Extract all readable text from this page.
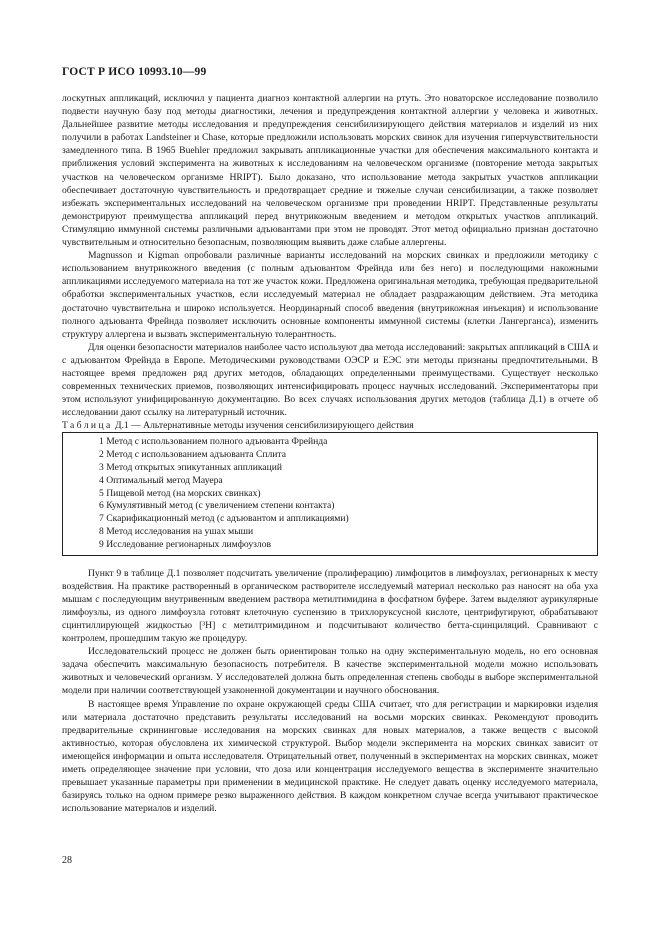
ГОСТ Р ИСО 10993.10—99

лоскутных аппликаций, исключил у пациента диагноз контактной аллергии на ртуть. Это новаторское исследование позволило подвести научную базу под методы диагностики, лечения и предупреждения контактной аллергии у человека и животных. Дальнейшее развитие методы исследования и предупреждения сенсибилизирующего действия материалов и изделий из них получили в работах Landsteiner и Chase, которые предложили использовать морских свинок для изучения гиперчувствительности замедленного типа. В 1965 Buehler предложил закрывать аппликационные участки для обеспечения максимального контакта и приближения условий эксперимента на животных к исследованиям на человеческом организме (повторение метода закрытых участков на человеческом организме HRIPT). Было доказано, что использование метода закрытых участков аппликации обеспечивает достаточную чувствительность и предотвращает средние и тяжелые случаи сенсибилизации, а также позволяет избежать экспериментальных исследований на человеческом организме при проведении HRIPT. Представленные результаты демонстрируют преимущества аппликаций перед внутрикожным введением и методом открытых участков аппликаций. Стимуляцию иммунной системы различными адъювантами при этом не проводят. Этот метод официально признан достаточно чувствительным и относительно безопасным, позволяющим выявить даже слабые аллергены.

Magnusson и Kigman опробовали различные варианты исследований на морских свинках и предложили методику с использованием внутрикожного введения (с полным адъювантом Фрейнда или без него) и последующими накожными аппликациями исследуемого материала на тот же участок кожи. Предложена оригинальная методика, требующая предварительной обработки экспериментальных участков, если исследуемый материал не обладает раздражающим действием. Эта методика достаточно чувствительна и широко используется. Неординарный способ введения (внутрикожная инъекция) и использование полного адъюванта Фрейнда позволяет исключить основные компоненты иммунной системы (клетки Лангерганса), изменить структуру аллергена и вызвать экспериментальную толерантность.

Для оценки безопасности материалов наиболее часто используют два метода исследований: закрытых аппликаций в США и с адъювантом Фрейнда в Европе. Методическими руководствами ОЭСР и ЕЭС эти методы признаны предпочтительными. В настоящее время предложен ряд других методов, обладающих определенными преимуществами. Существует несколько современных технических приемов, позволяющих интенсифицировать процесс научных исследований. Экспериментаторы при этом используют унифицированную документацию. Во всех случаях использования других методов (таблица Д.1) в отчете об исследовании дают ссылку на литературный источник.

Таблица Д.1 — Альтернативные методы изучения сенсибилизирующего действия

1 Метод с использованием полного адъюванта Фрейнда
2 Метод с использованием адъюванта Сплита
3 Метод открытых эпикутанных аппликаций
4 Оптимальный метод Мауера
5 Пищевой метод (на морских свинках)
6 Кумулятивный метод (с увеличением степени контакта)
7 Скарификационный метод (с адъювантом и аппликациями)
8 Метод исследования на ушах мыши
9 Исследование регионарных лимфоузлов

Пункт 9 в таблице Д.1 позволяет подсчитать увеличение (пролиферацию) лимфоцитов в лимфоузлах, регионарных к месту воздействия. На практике растворенный в органическом растворителе исследуемый материал несколько раз наносят на оба уха мышам с последующим внутривенным введением раствора метилтимидина в фосфатном буфере. Затем выделяют аурикулярные лимфоузлы, из одного лимфоузла готовят клеточную суспензию в трихлоруксусной кислоте, центрифугируют, обрабатывают сцинтиллирующей жидкостью [³H] с метилтримидином и подсчитывают количество бетта-сцинциляций. Сравнивают с контролем, прошедшим такую же процедуру.

Исследовательский процесс не должен быть ориентирован только на одну экспериментальную модель, но его основная задача обеспечить максимальную безопасность потребителя. В качестве экспериментальной модели можно использовать животных и человеческий организм. У исследователей должна быть определенная степень свободы в выборе экспериментальной модели при наличии соответствующей узаконенной документации и научного обоснования.

В настоящее время Управление по охране окружающей среды США считает, что для регистрации и маркировки изделия или материала достаточно представить результаты исследований на восьми морских свинках. Рекомендуют проводить предварительные скрининговые исследования на морских свинках для новых материалов, а также веществ с высокой активностью, которая обусловлена их химической структурой. Выбор модели эксперимента на морских свинках зависит от имеющейся информации и опыта исследователя. Отрицательный ответ, полученный в экспериментах на морских свинках, может иметь определяющее значение при условии, что доза или концентрация исследуемого вещества в эксперименте значительно превышает указанные параметры при применении в медицинской практике. Не следует давать оценку исследуемого материала, базируясь только на одном примере резко выраженного действия. В каждом конкретном случае всегда учитывают практическое использование материалов и изделий.

28
